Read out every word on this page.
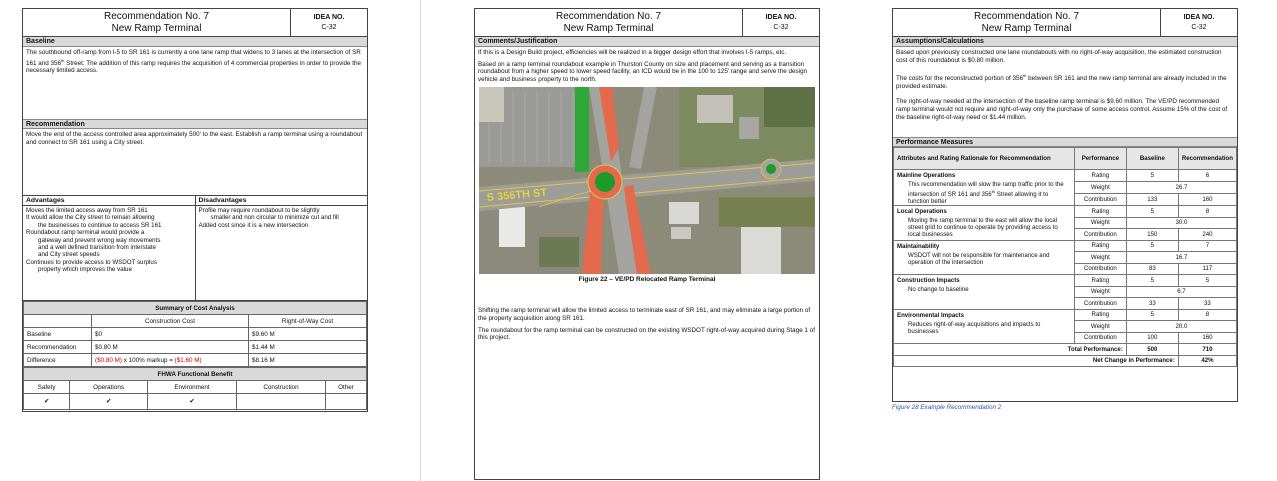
Recommendation No. 7
New Ramp Terminal
IDEA NO.
C-32
Baseline
The southbound off-ramp from I-5 to SR 161 is currently a one lane ramp that widens to 3 lanes at the intersection of SR 161 and 356th Street. The addition of this ramp requires the acquisition of 4 commercial properties in order to provide the necessary limited access.
Recommendation
Move the end of the access controlled area approximately 500' to the east. Establish a ramp terminal using a roundabout and connect to SR 161 using a City street.
Advantages
Moves the limited access away from SR 161
It would allow the City street to remain allowing
the businesses to continue to access SR 161
Roundabout ramp terminal would provide a
gateway and prevent wrong way movements
and a well defined transition from interstate
and City street speeds
Continues to provide access to WSDOT surplus
property which improves the value
Disadvantages
Profile may require roundabout to be slightly
smaller and non circular to minimize cut and fill
Added cost since it is a new intersection
Summary of Cost Analysis		
	Construction Cost	Right-of-Way Cost
Baseline	$0	$9.60 M
Recommendation	$0.80 M	$1.44 M
Difference	($0.80 M) x 100% markup = ($1.60 M)	$8.16 M
FHWA Functional Benefit				
Safety	Operations	Environment	Construction	Other
✔	✔	✔		
Recommendation No. 7
New Ramp Terminal
IDEA NO.
C-32
Comments/Justification

If this is a Design Build project, efficiencies will be realized in a bigger design effort that involves I-5 ramps, etc.

Based on a ramp terminal roundabout example in Thurston County on size and placement and serving as a transition roundabout from a higher speed to lower speed facility, an ICD would be in the 100 to 125' range and serve the design vehicle and business property to the north.

S 356TH ST
Figure 22 – VE/PD Relocated Ramp Terminal

Shifting the ramp terminal will allow the limited access to terminate east of SR 161, and may eliminate a large portion of the property acquisition along SR 161.

The roundabout for the ramp terminal can be constructed on the existing WSDOT right-of-way acquired during Stage 1 of this project.

Recommendation No. 7
New Ramp Terminal
IDEA NO.
C-32
Assumptions/Calculations

Based upon previously constructed one lane roundabouts with no right-of-way acquisition, the estimated construction cost of this roundabout is $0.80 million.

The costs for the reconstructed portion of 356th between SR 161 and the new ramp terminal are already included in the provided estimate.

The right-of-way needed at the intersection of the baseline ramp terminal is $9.60 million. The VE/PD recommended ramp terminal would not require and right-of-way only the purchase of some access control. Assume 15% of the cost of the baseline right-of-way need or $1.44 million.

Performance Measures
Attributes and Rating Rationale for Recommendation	Performance	Baseline	Recommendation
Mainline Operations	Rating	5	6
This recommendation will slow the ramp traffic prior to the intersection of SR 161 and 356th Street allowing it to function better	Weight	26.7	
	Contribution	133	160
Local Operations	Rating	5	8
Moving the ramp terminal to the east will allow the local street grid to continue to operate by providing access to local businesses	Weight	30.0	
	Contribution	150	240
Maintainability	Rating	5	7
WSDOT will not be responsible for maintenance and operation of the intersection	Weight	16.7	
	Contribution	83	117
Construction Impacts	Rating	5	5
No change to baseline	Weight	6.7	
	Contribution	33	33
Environmental Impacts	Rating	5	8
Reduces right-of-way acquisitions and impacts to businesses	Weight	20.0	
	Contribution	100	160
Total Performance:		500	710
Net Change in Performance:			42%
Figure 28 Example Recommendation 2
